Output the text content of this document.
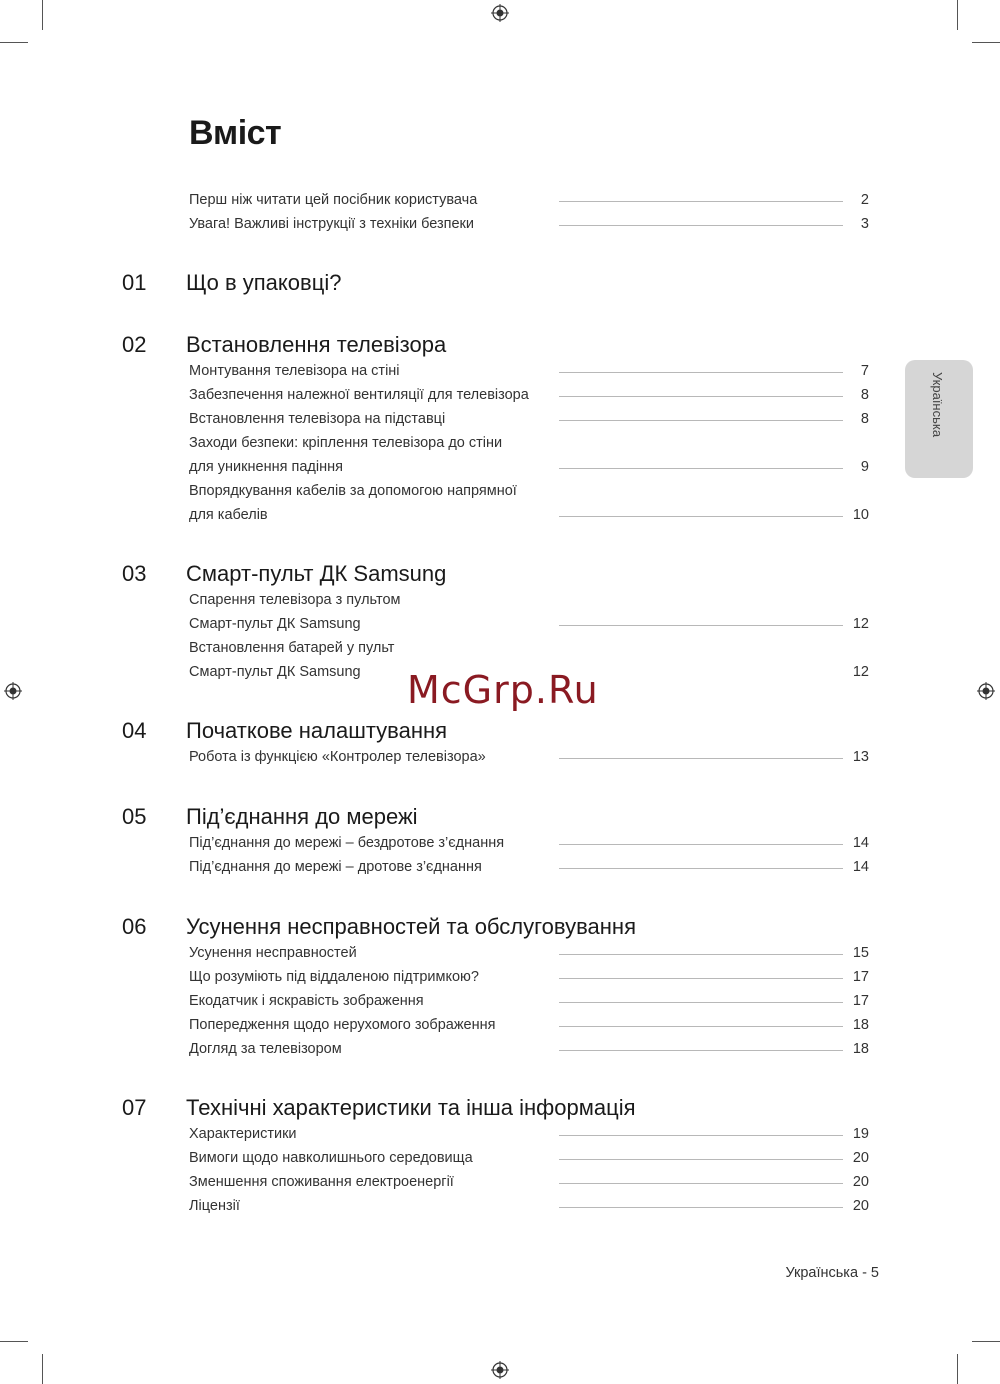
Вміст
Перш ніж читати цей посібник користувача	2
Увага! Важливі інструкції з техніки безпеки	3
01 Що в упаковці?
02 Встановлення телевізора
Монтування телевізора на стіні	7
Забезпечення належної вентиляції для телевізора	8
Встановлення телевізора на підставці	8
Заходи безпеки: кріплення телевізора до стіни
для уникнення падіння	9
Впорядкування кабелів за допомогою напрямної
для кабелів	10
03 Смарт-пульт ДК Samsung
Спарення телевізора з пультом
Смарт-пульт ДК Samsung	12
Встановлення батарей у пульт
Смарт-пульт ДК Samsung	12
McGrp.Ru
04 Початкове налаштування
Робота із функцією «Контролер телевізора»	13
05 Під’єднання до мережі
Під’єднання до мережі – бездротове з’єднання	14
Під’єднання до мережі – дротове з’єднання	14
06 Усунення несправностей та обслуговування
Усунення несправностей	15
Що розуміють під віддаленою підтримкою?	17
Екодатчик і яскравість зображення	17
Попередження щодо нерухомого зображення	18
Догляд за телевізором	18
07 Технічні характеристики та інша інформація
Характеристики	19
Вимоги щодо навколишнього середовища	20
Зменшення споживання електроенергії	20
Ліцензії	20
Українська
Українська - 5
